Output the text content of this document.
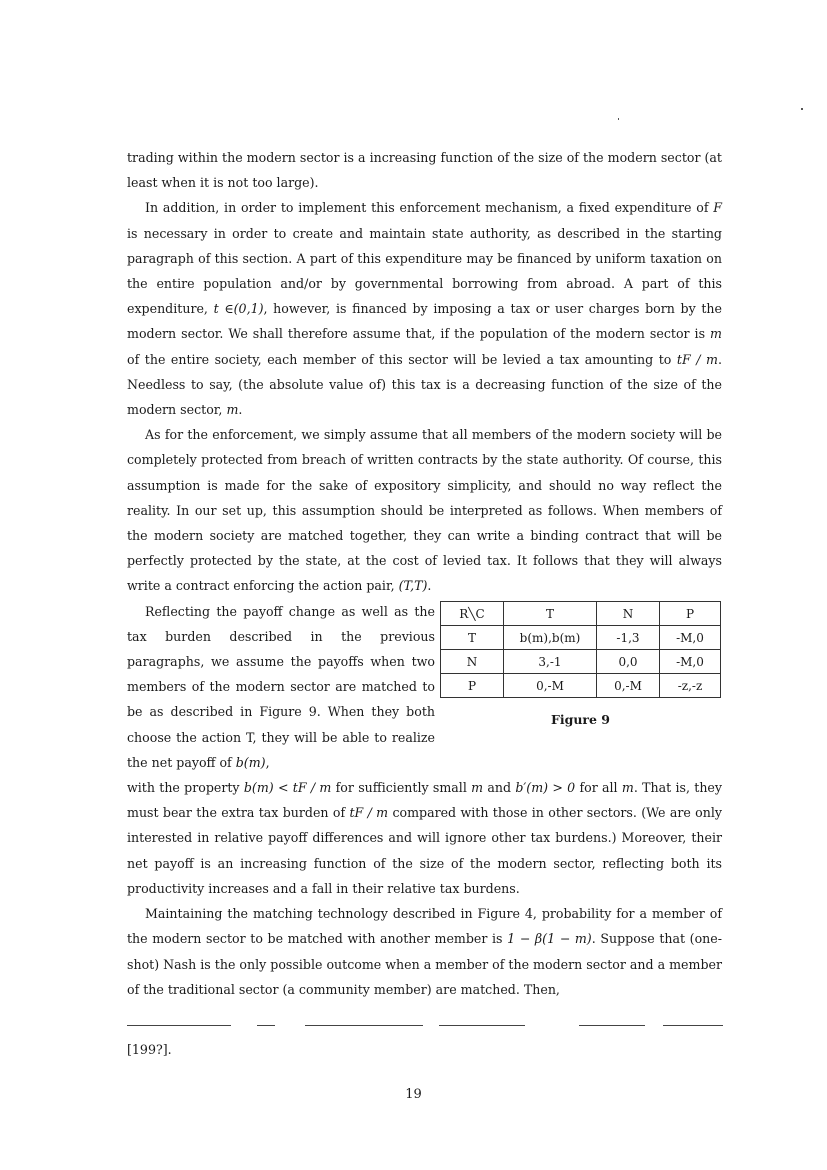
trading within the modern sector is a increasing function of the size of the modern sector (at least when it is not too large).

In addition, in order to implement this enforcement mechanism, a fixed expenditure of F is necessary in order to create and maintain state authority, as described in the starting paragraph of this section. A part of this expenditure may be financed by uniform taxation on the entire population and/or by governmental borrowing from abroad. A part of this expenditure, t ∈(0,1), however, is financed by imposing a tax or user charges born by the modern sector. We shall therefore assume that, if the population of the modern sector is m of the entire society, each member of this sector will be levied a tax amounting to tF / m. Needless to say, (the absolute value of) this tax is a decreasing function of the size of the modern sector, m.

As for the enforcement, we simply assume that all members of the modern society will be completely protected from breach of written contracts by the state authority. Of course, this assumption is made for the sake of expository simplicity, and should no way reflect the reality. In our set up, this assumption should be interpreted as follows. When members of the modern society are matched together, they can write a binding contract that will be perfectly protected by the state, at the cost of levied tax. It follows that they will always write a contract enforcing the action pair, (T,T).

Reflecting the payoff change as well as the tax burden described in the previous paragraphs, we assume the payoffs when two members of the modern sector are matched to be as described in Figure 9. When they both choose the action T, they will be able to realize the net payoff of b(m),

with the property b(m) < tF / m for sufficiently small m and b′(m) > 0 for all m. That is, they must bear the extra tax burden of tF / m compared with those in other sectors. (We are only interested in relative payoff differences and will ignore other tax burdens.) Moreover, their net payoff is an increasing function of the size of the modern sector, reflecting both its productivity increases and a fall in their relative tax burdens.

Maintaining the matching technology described in Figure 4, probability for a member of the modern sector to be matched with another member is 1 − β(1 − m). Suppose that (one-shot) Nash is the only possible outcome when a member of the modern sector and a member of the traditional sector (a community member) are matched. Then,

R╲C	T	N	P
T	b(m),b(m)	-1,3	-M,0
N	3,-1	0,0	-M,0
P	0,-M	0,-M	-z,-z
Figure 9
[199?].
19
